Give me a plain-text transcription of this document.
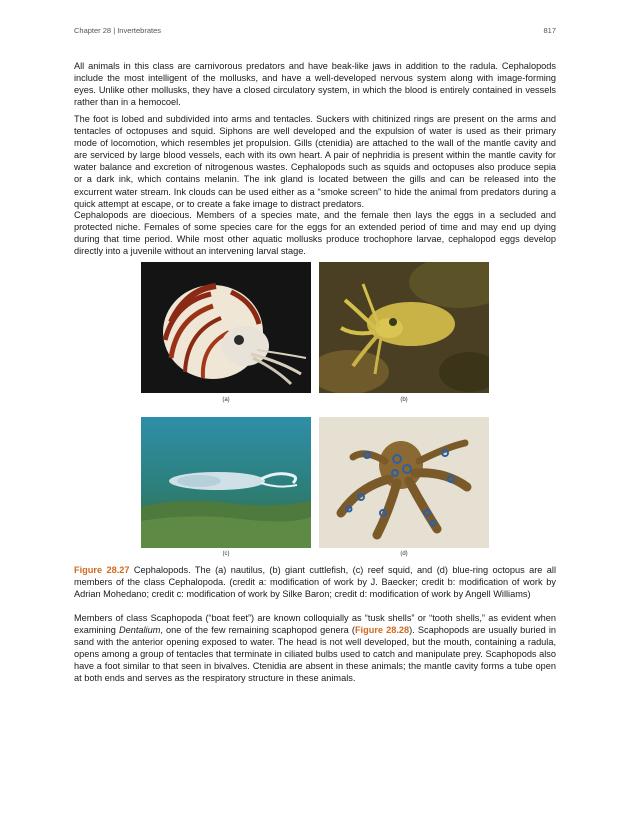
Chapter 28 | Invertebrates	817

All animals in this class are carnivorous predators and have beak-like jaws in addition to the radula. Cephalopods include the most intelligent of the mollusks, and have a well-developed nervous system along with image-forming eyes. Unlike other mollusks, they have a closed circulatory system, in which the blood is entirely contained in vessels rather than in a hemocoel.

The foot is lobed and subdivided into arms and tentacles. Suckers with chitinized rings are present on the arms and tentacles of octopuses and squid. Siphons are well developed and the expulsion of water is used as their primary mode of locomotion, which resembles jet propulsion. Gills (ctenidia) are attached to the wall of the mantle cavity and are serviced by large blood vessels, each with its own heart. A pair of nephridia is present within the mantle cavity for water balance and excretion of nitrogenous wastes. Cephalopods such as squids and octopuses also produce sepia or a dark ink, which contains melanin. The ink gland is located between the gills and can be released into the excurrent water stream. Ink clouds can be used either as a “smoke screen” to hide the animal from predators during a quick attempt at escape, or to create a fake image to distract predators.

Cephalopods are dioecious. Members of a species mate, and the female then lays the eggs in a secluded and protected niche. Females of some species care for the eggs for an extended period of time and may end up dying during that time period. While most other aquatic mollusks produce trochophore larvae, cephalopod eggs develop directly into a juvenile without an intervening larval stage.

(a)	(b)
(c)	(d)

Figure 28.27 Cephalopods. The (a) nautilus, (b) giant cuttlefish, (c) reef squid, and (d) blue-ring octopus are all members of the class Cephalopoda. (credit a: modification of work by J. Baecker; credit b: modification of work by Adrian Mohedano; credit c: modification of work by Silke Baron; credit d: modification of work by Angell Williams)

Members of class Scaphopoda (“boat feet”) are known colloquially as “tusk shells” or “tooth shells,” as evident when examining Dentalium, one of the few remaining scaphopod genera (Figure 28.28). Scaphopods are usually buried in sand with the anterior opening exposed to water. The head is not well developed, but the mouth, containing a radula, opens among a group of tentacles that terminate in ciliated bulbs used to catch and manipulate prey. Scaphopods also have a foot similar to that seen in bivalves. Ctenidia are absent in these animals; the mantle cavity forms a tube open at both ends and serves as the respiratory structure in these animals.
